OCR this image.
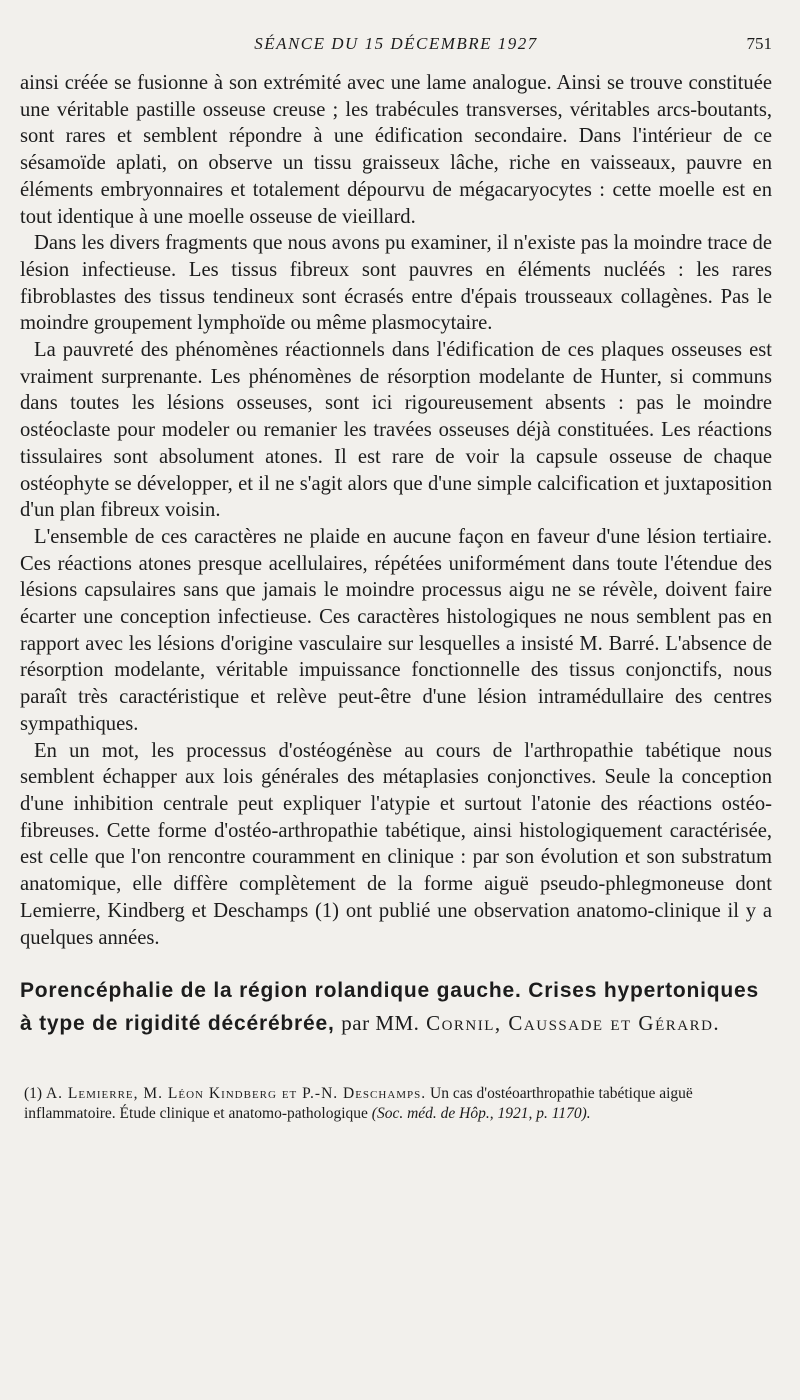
SÉANCE DU 15 DÉCEMBRE 1927	751

ainsi créée se fusionne à son extrémité avec une lame analogue. Ainsi se trouve constituée une véritable pastille osseuse creuse ; les trabécules transverses, véritables arcs-boutants, sont rares et semblent répondre à une édification secondaire. Dans l'intérieur de ce sésamoïde aplati, on observe un tissu graisseux lâche, riche en vaisseaux, pauvre en éléments embryonnaires et totalement dépourvu de mégacaryocytes : cette moelle est en tout identique à une moelle osseuse de vieillard.

Dans les divers fragments que nous avons pu examiner, il n'existe pas la moindre trace de lésion infectieuse. Les tissus fibreux sont pauvres en éléments nucléés : les rares fibroblastes des tissus tendineux sont écrasés entre d'épais trousseaux collagènes. Pas le moindre groupement lymphoïde ou même plasmocytaire.

La pauvreté des phénomènes réactionnels dans l'édification de ces plaques osseuses est vraiment surprenante. Les phénomènes de résorption modelante de Hunter, si communs dans toutes les lésions osseuses, sont ici rigoureusement absents : pas le moindre ostéoclaste pour modeler ou remanier les travées osseuses déjà constituées. Les réactions tissulaires sont absolument atones. Il est rare de voir la capsule osseuse de chaque ostéophyte se développer, et il ne s'agit alors que d'une simple calcification et juxtaposition d'un plan fibreux voisin.

L'ensemble de ces caractères ne plaide en aucune façon en faveur d'une lésion tertiaire. Ces réactions atones presque acellulaires, répétées uniformément dans toute l'étendue des lésions capsulaires sans que jamais le moindre processus aigu ne se révèle, doivent faire écarter une conception infectieuse. Ces caractères histologiques ne nous semblent pas en rapport avec les lésions d'origine vasculaire sur lesquelles a insisté M. Barré. L'absence de résorption modelante, véritable impuissance fonctionnelle des tissus conjonctifs, nous paraît très caractéristique et relève peut-être d'une lésion intramédullaire des centres sympathiques.

En un mot, les processus d'ostéogénèse au cours de l'arthropathie tabétique nous semblent échapper aux lois générales des métaplasies conjonctives. Seule la conception d'une inhibition centrale peut expliquer l'atypie et surtout l'atonie des réactions ostéo-fibreuses. Cette forme d'ostéo-arthropathie tabétique, ainsi histologiquement caractérisée, est celle que l'on rencontre couramment en clinique : par son évolution et son substratum anatomique, elle diffère complètement de la forme aiguë pseudo-phlegmoneuse dont Lemierre, Kindberg et Deschamps (1) ont publié une observation anatomo-clinique il y a quelques années.

Porencéphalie de la région rolandique gauche. Crises hypertoniques à type de rigidité décérébrée, par MM. Cornil, Caussade et Gérard.
(1) A. Lemierre, M. Léon Kindberg et P.-N. Deschamps. Un cas d'ostéoarthropathie tabétique aiguë inflammatoire. Étude clinique et anatomo-pathologique (Soc. méd. de Hôp., 1921, p. 1170).
